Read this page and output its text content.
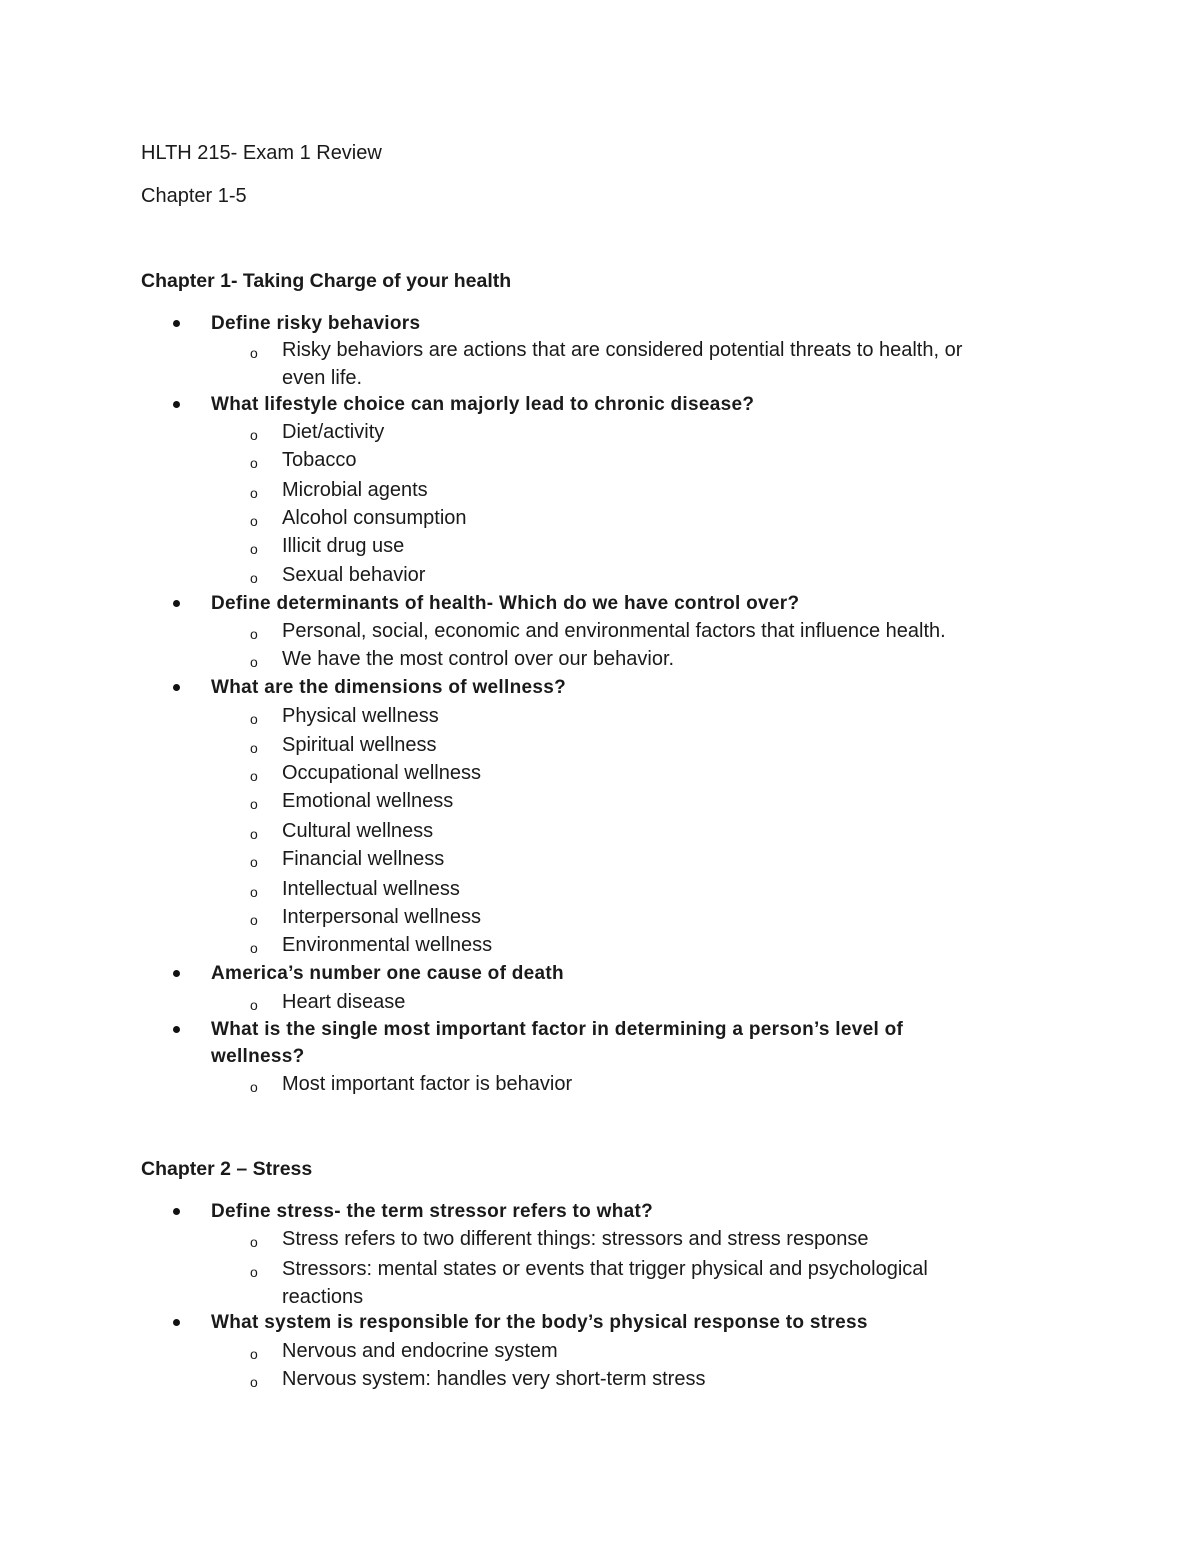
HLTH 215- Exam 1 Review
Chapter 1-5
Chapter 1- Taking Charge of your health
Define risky behaviors
o Risky behaviors are actions that are considered potential threats to health, or
even life.
What lifestyle choice can majorly lead to chronic disease?
o Diet/activity
o Tobacco
o Microbial agents
o Alcohol consumption
o Illicit drug use
o Sexual behavior
Define determinants of health- Which do we have control over?
o Personal, social, economic and environmental factors that influence health.
o We have the most control over our behavior.
What are the dimensions of wellness?
o Physical wellness
o Spiritual wellness
o Occupational wellness
o Emotional wellness
o Cultural wellness
o Financial wellness
o Intellectual wellness
o Interpersonal wellness
o Environmental wellness
America’s number one cause of death
o Heart disease
What is the single most important factor in determining a person’s level of
wellness?
o Most important factor is behavior
Chapter 2 – Stress
Define stress- the term stressor refers to what?
o Stress refers to two different things: stressors and stress response
o Stressors: mental states or events that trigger physical and psychological
reactions
What system is responsible for the body’s physical response to stress
o Nervous and endocrine system
o Nervous system: handles very short-term stress
